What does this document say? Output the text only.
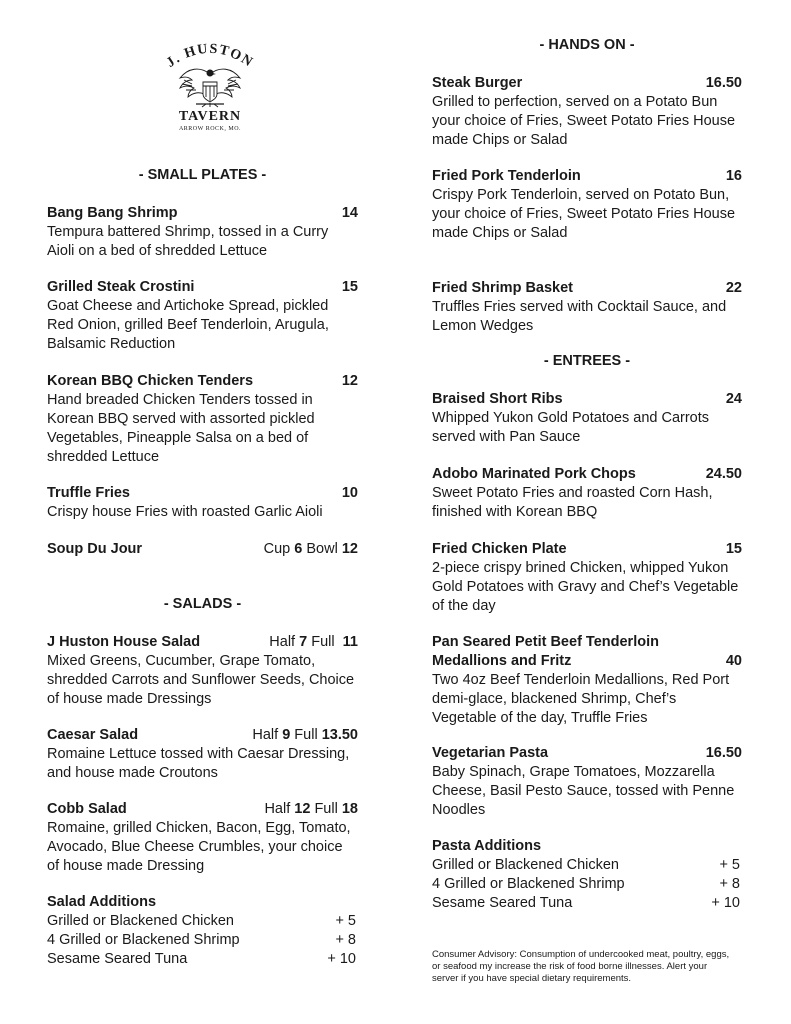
J. HUSTON
TAVERN
ARROW ROCK, MO.
- SMALL PLATES -
Bang Bang Shrimp	14
Tempura battered Shrimp, tossed in a Curry Aioli on a bed of shredded Lettuce
Grilled Steak Crostini	15
Goat Cheese and Artichoke Spread, pickled Red Onion, grilled Beef Tenderloin, Arugula, Balsamic Reduction
Korean BBQ Chicken Tenders	12
Hand breaded Chicken Tenders tossed in Korean BBQ served with assorted pickled Vegetables, Pineapple Salsa on a bed of shredded Lettuce
Truffle Fries	10
Crispy house Fries with roasted Garlic Aioli
Soup Du Jour	Cup 6 Bowl 12
- SALADS -
J Huston House Salad	Half 7 Full 11
Mixed Greens, Cucumber, Grape Tomato, shredded Carrots and Sunflower Seeds, Choice of house made Dressings
Caesar Salad	Half 9 Full 13.50
Romaine Lettuce tossed with Caesar Dressing, and house made Croutons
Cobb Salad	Half 12 Full 18
Romaine, grilled Chicken, Bacon, Egg, Tomato, Avocado, Blue Cheese Crumbles, your choice of house made Dressing
Salad Additions
Grilled or Blackened Chicken	+ 5
4 Grilled or Blackened Shrimp	+ 8
Sesame Seared Tuna	+ 10
- HANDS ON -
Steak Burger	16.50
Grilled to perfection, served on a Potato Bun your choice of Fries, Sweet Potato Fries House made Chips or Salad
Fried Pork Tenderloin	16
Crispy Pork Tenderloin, served on Potato Bun, your choice of Fries, Sweet Potato Fries House made Chips or Salad
Fried Shrimp Basket	22
Truffles Fries served with Cocktail Sauce, and Lemon Wedges
- ENTREES -
Braised Short Ribs	24
Whipped Yukon Gold Potatoes and Carrots served with Pan Sauce
Adobo Marinated Pork Chops	24.50
Sweet Potato Fries and roasted Corn Hash, finished with Korean BBQ
Fried Chicken Plate	15
2-piece crispy brined Chicken, whipped Yukon Gold Potatoes with Gravy and Chef’s Vegetable of the day
Pan Seared Petit Beef Tenderloin
Medallions and Fritz	40
Two 4oz Beef Tenderloin Medallions, Red Port demi-glace, blackened Shrimp, Chef’s Vegetable of the day, Truffle Fries
Vegetarian Pasta	16.50
Baby Spinach, Grape Tomatoes, Mozzarella Cheese, Basil Pesto Sauce, tossed with Penne Noodles
Pasta Additions
Grilled or Blackened Chicken	+ 5
4 Grilled or Blackened Shrimp	+ 8
Sesame Seared Tuna	+ 10
Consumer Advisory: Consumption of undercooked meat, poultry, eggs, or seafood my increase the risk of food borne illnesses. Alert your server if you have special dietary requirements.
